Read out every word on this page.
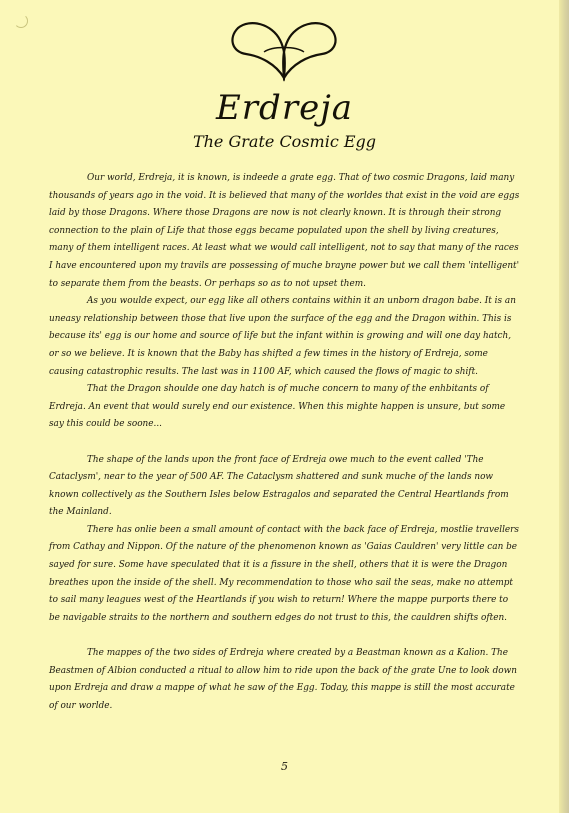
Erdreja
The Grate Cosmic Egg

Our world, Erdreja, it is known, is indeede a grate egg. That of two cosmic Dragons, laid many thousands of years ago in the void. It is believed that many of the worldes that exist in the void are eggs laid by those Dragons. Where those Dragons are now is not clearly known. It is through their strong connection to the plain of Life that those eggs became populated upon the shell by living creatures, many of them intelligent races. At least what we would call intelligent, not to say that many of the races I have encountered upon my travils are possessing of muche brayne power but we call them 'intelligent' to separate them from the beasts. Or perhaps so as to not upset them.

As you woulde expect, our egg like all others contains within it an unborn dragon babe. It is an uneasy relationship between those that live upon the surface of the egg and the Dragon within. This is because its' egg is our home and source of life but the infant within is growing and will one day hatch, or so we believe. It is known that the Baby has shifted a few times in the history of Erdreja, some causing catastrophic results. The last was in 1100 AF, which caused the flows of magic to shift.

That the Dragon shoulde one day hatch is of muche concern to many of the enhbitants of Erdreja. An event that would surely end our existence. When this mighte happen is unsure, but some say this could be soone...

The shape of the lands upon the front face of Erdreja owe much to the event called 'The Cataclysm', near to the year of 500 AF. The Cataclysm shattered and sunk muche of the lands now known collectively as the Southern Isles below Estragalos and separated the Central Heartlands from the Mainland.

There has onlie been a small amount of contact with the back face of Erdreja, mostlie travellers from Cathay and Nippon. Of the nature of the phenomenon known as 'Gaias Cauldren' very little can be sayed for sure. Some have speculated that it is a fissure in the shell, others that it is were the Dragon breathes upon the inside of the shell. My recommendation to those who sail the seas, make no attempt to sail many leagues west of the Heartlands if you wish to return! Where the mappe purports there to be navigable straits to the northern and southern edges do not trust to this, the cauldren shifts often.

The mappes of the two sides of Erdreja where created by a Beastman known as a Kalion. The Beastmen of Albion conducted a ritual to allow him to ride upon the back of the grate Une to look down upon Erdreja and draw a mappe of what he saw of the Egg. Today, this mappe is still the most accurate of our worlde.

5
